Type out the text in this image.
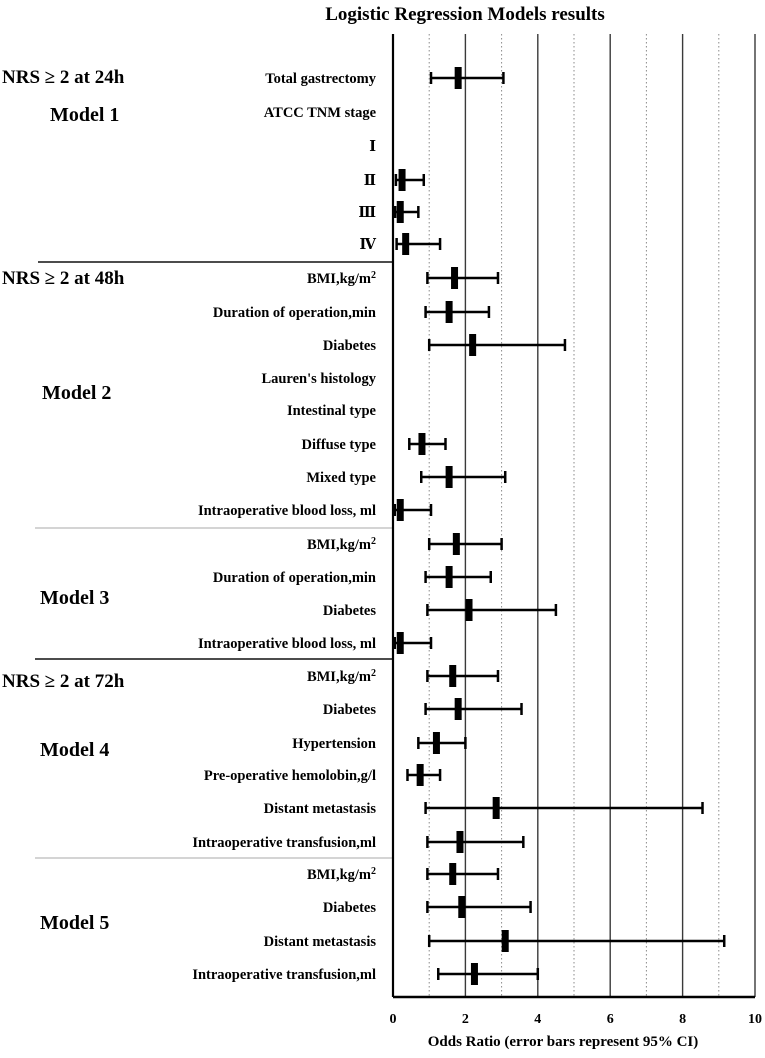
NRS ≥ 2 at 24h
NRS ≥ 2 at 48h
NRS ≥ 2 at 72h
Model 1
Total gastrectomy
ATCC TNM stage
Ⅰ
Ⅱ
Ⅲ
Ⅳ
Model 2
$BMI,kg/m^2$
Duration of operation,min
Diabetes
Lauren's histology
Intestinal type
Diffuse type
Mixed type
Intraoperative blood loss, ml
Model 3
$BMI,kg/m^2$
Duration of operation,min
Diabetes
Intraoperative blood loss, ml
Model 4
$BMI,kg/m^2$
Diabetes
Hypertension
Pre-operative hemolobin,g/l
Distant metastasis
Intraoperative transfusion,ml
Model 5
$BMI,kg/m^2$
Diabetes
Distant metastasis
Intraoperative transfusion,ml
0	2	4	6	8	10
Logistic Regression Models results
Odds Ratio (error bars represent 95% CI)
